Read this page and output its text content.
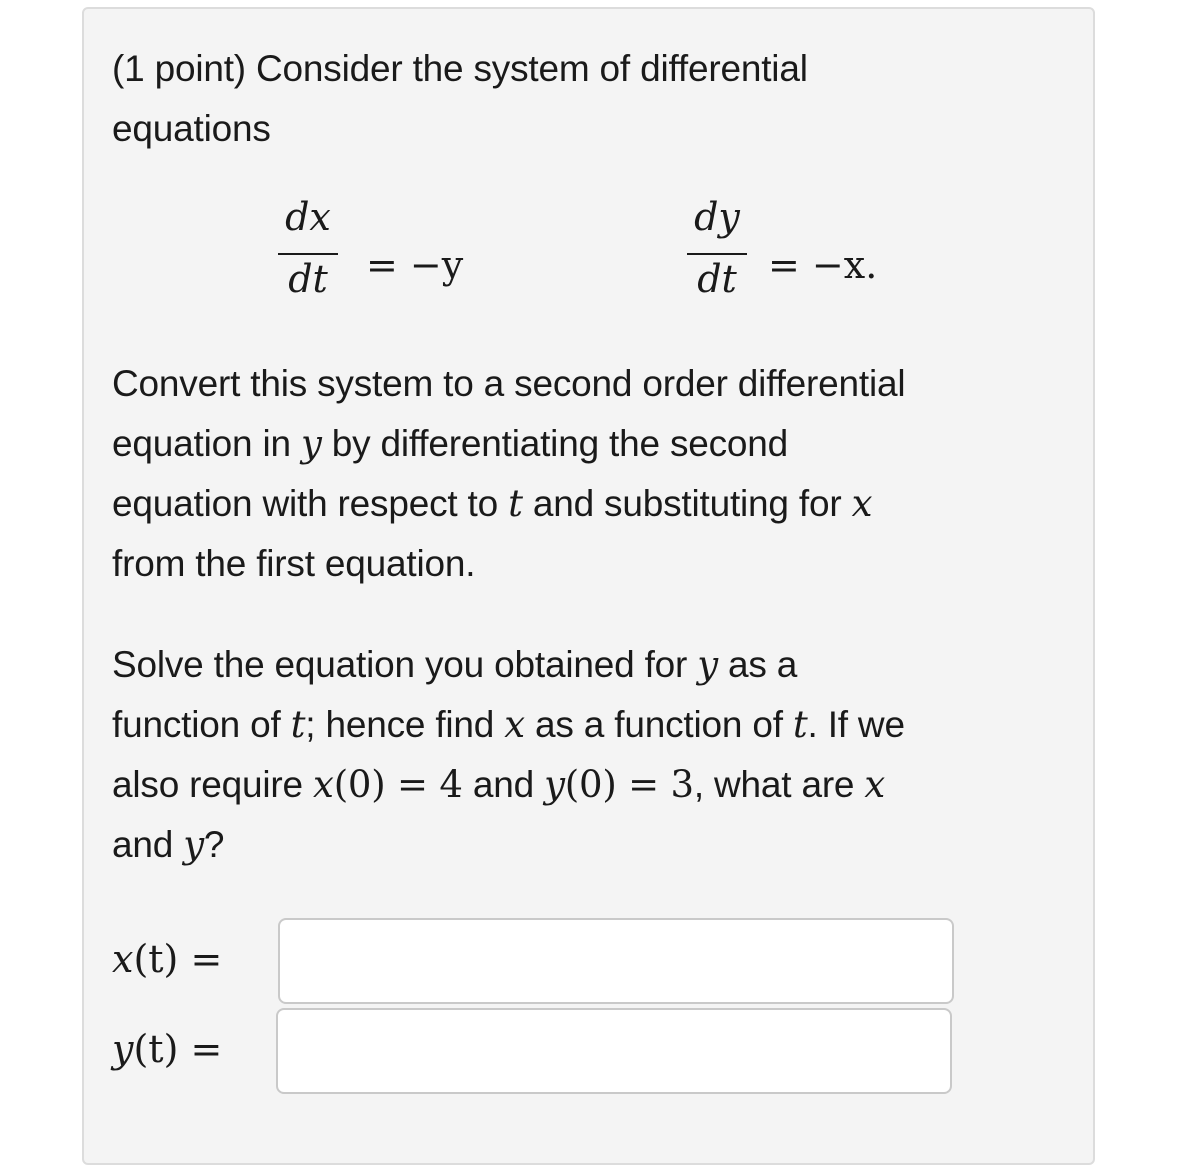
(1 point) Consider the system of differential
equations

dx
dt = −y
dy
dt = −x.

Convert this system to a second order differential
equation in y by differentiating the second
equation with respect to t and substituting for x
from the first equation.

Solve the equation you obtained for y as a
function of t; hence find x as a function of t. If we
also require x(0) = 4 and y(0) = 3, what are x
and y?

x(t) =
y(t) =
